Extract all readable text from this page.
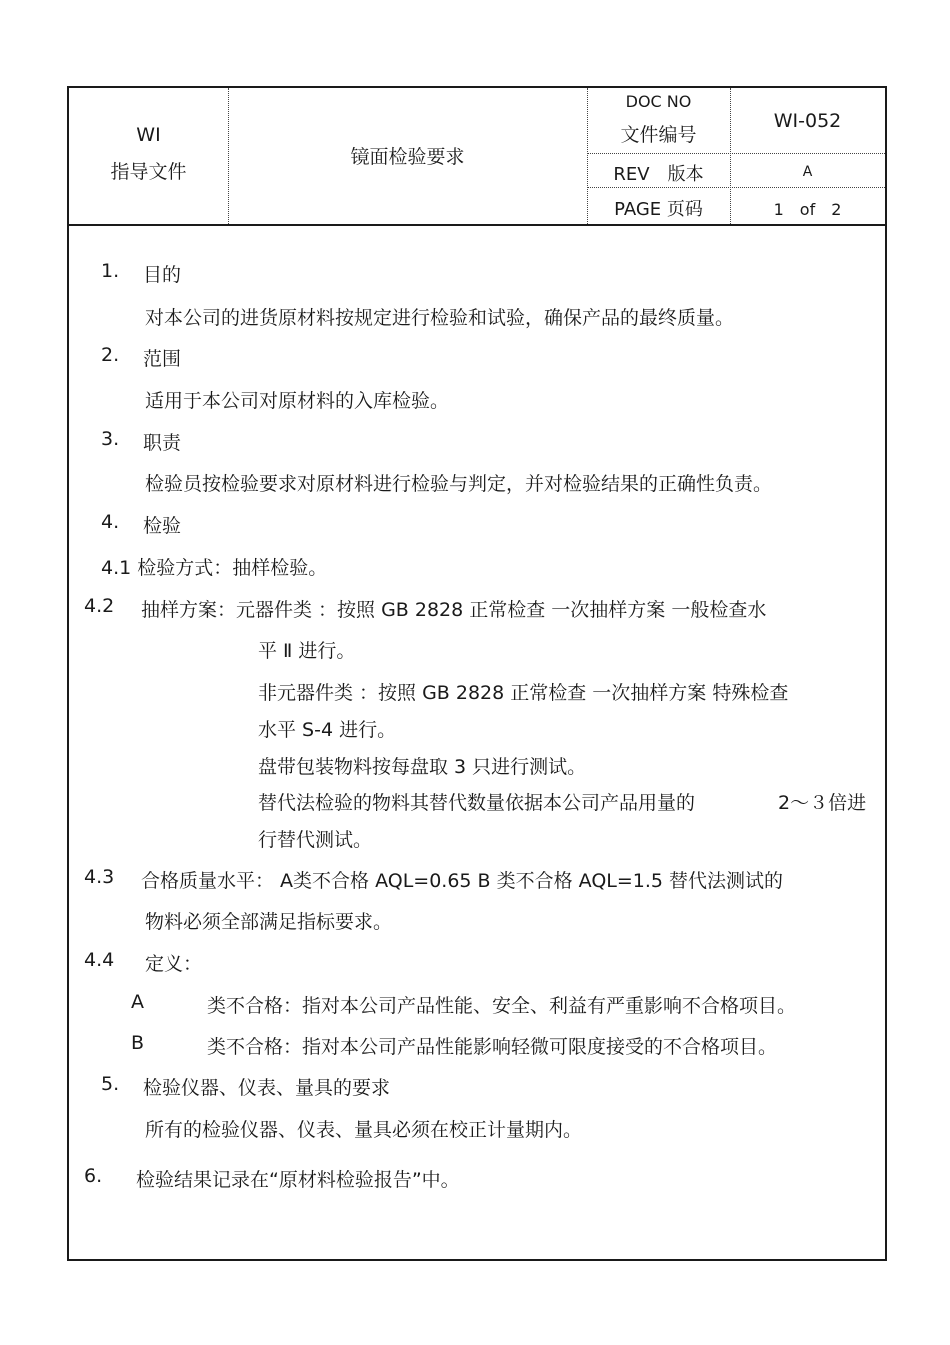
WI
指导文件
镜面检验要求
DOC NO
文件编号
WI-052
REV　版本	A
PAGE 页码	1　of　2
1. 目的
对本公司的进货原材料按规定进行检验和试验，确保产品的最终质量。
2. 范围
适用于本公司对原材料的入库检验。
3. 职责
检验员按检验要求对原材料进行检验与判定，并对检验结果的正确性负责。
4. 检验
4.1 检验方式：抽样检验。
4.2 抽样方案：元器件类 ：按照 GB 2828 正常检查 一次抽样方案 一般检查水
平 Ⅱ 进行。
非元器件类 ：按照 GB 2828 正常检查 一次抽样方案 特殊检查
水平 S-4 进行。
盘带包装物料按每盘取 3 只进行测试。
替代法检验的物料其替代数量依据本公司产品用量的	2～３倍进
行替代测试。
4.3 合格质量水平： A类不合格 AQL=0.65 B 类不合格 AQL=1.5 替代法测试的
物料必须全部满足指标要求。
4.4 定义：
A	类不合格：指对本公司产品性能、安全、利益有严重影响不合格项目。
B	类不合格：指对本公司产品性能影响轻微可限度接受的不合格项目。
5. 检验仪器、仪表、量具的要求
所有的检验仪器、仪表、量具必须在校正计量期内。
6. 检验结果记录在“原材料检验报告”中。
